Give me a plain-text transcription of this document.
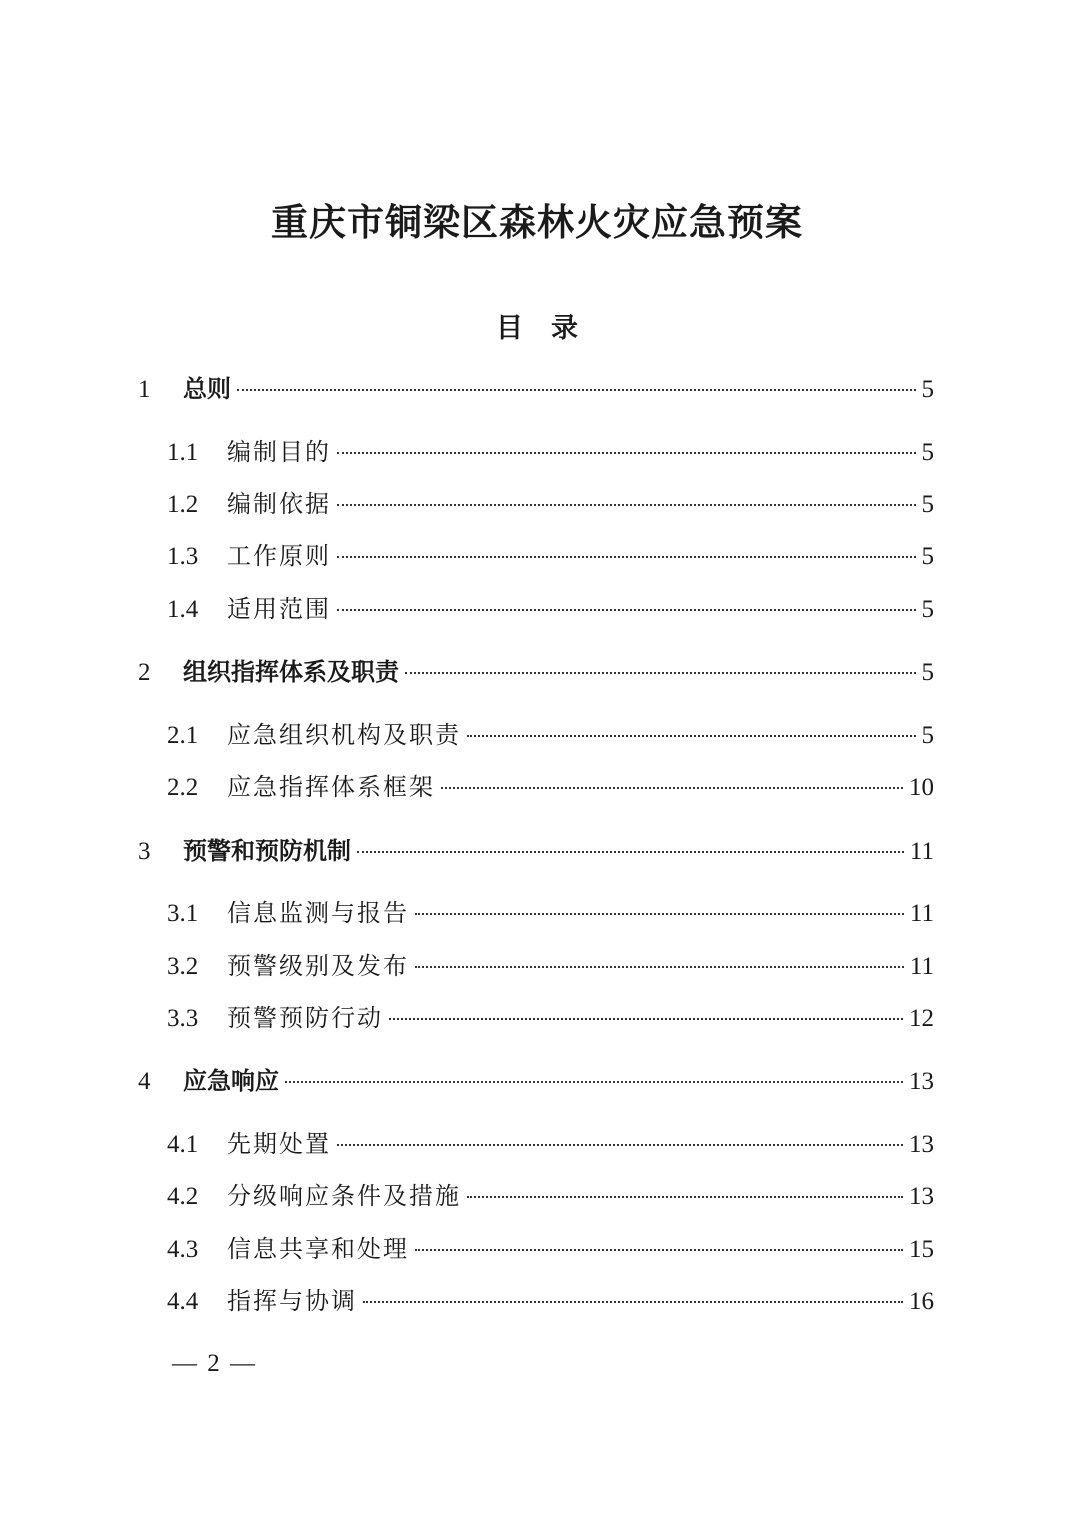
重庆市铜梁区森林火灾应急预案
目录
1	总则	5
1.1	编制目的	5
1.2	编制依据	5
1.3	工作原则	5
1.4	适用范围	5
2	组织指挥体系及职责	5
2.1	应急组织机构及职责	5
2.2	应急指挥体系框架	10
3	预警和预防机制	11
3.1	信息监测与报告	11
3.2	预警级别及发布	11
3.3	预警预防行动	12
4	应急响应	13
4.1	先期处置	13
4.2	分级响应条件及措施	13
4.3	信息共享和处理	15
4.4	指挥与协调	16
— 2 —
